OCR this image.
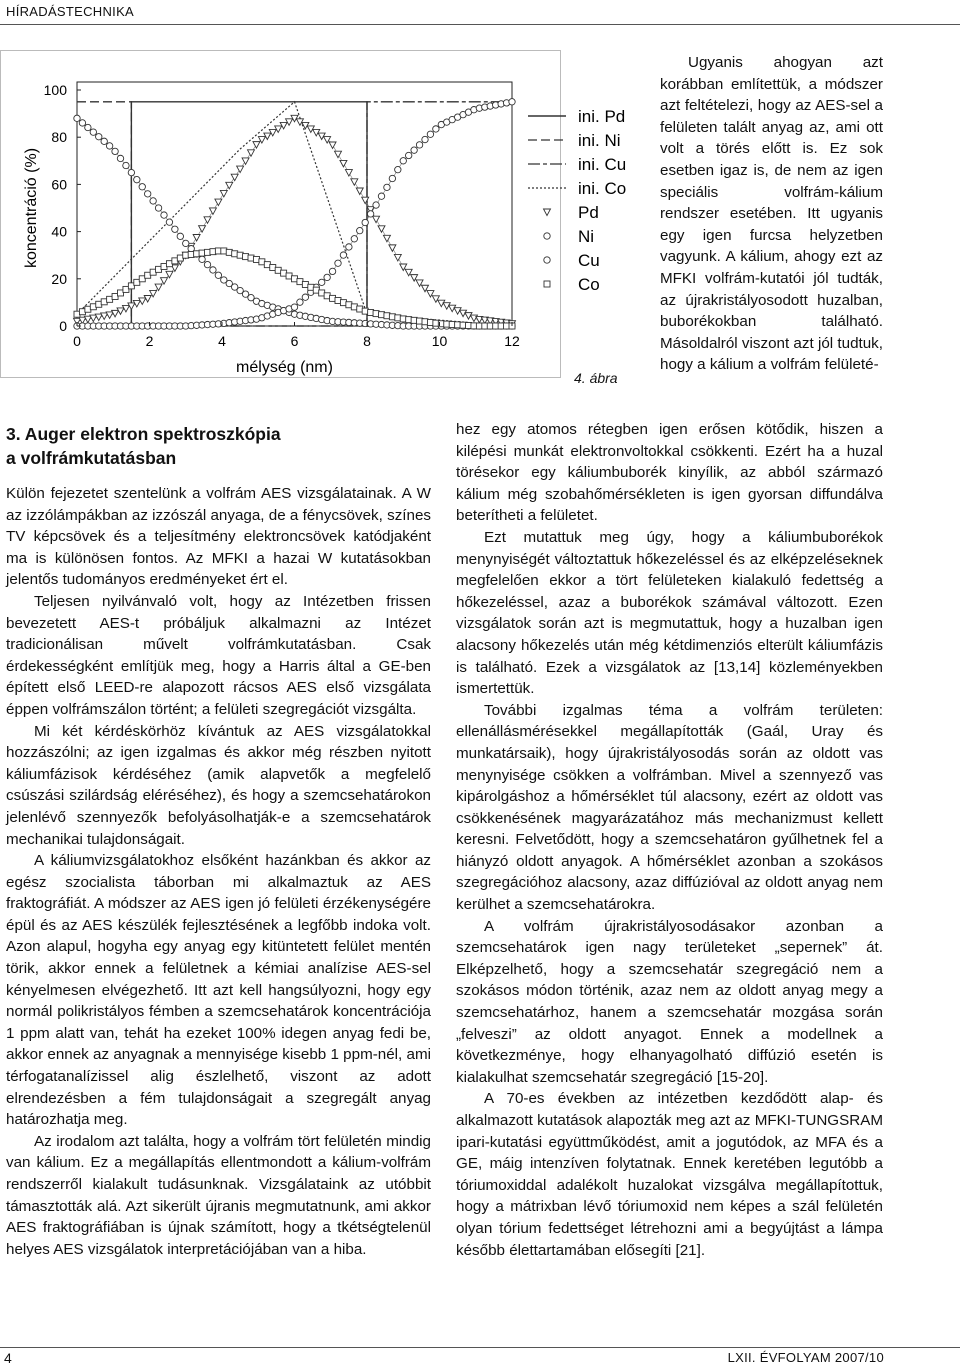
HÍRADÁSTECHNIKA
0	2	4	6	8	10	12
0
20
40
60
80
100
mélység (nm)
koncentráció (%)
ini. Pd
ini. Ni
ini. Cu
ini. Co
Pd
Ni
Cu
Co
4. ábra

Ugyanis ahogyan azt korábban említettük, a módszer azt feltételezi, hogy az AES-sel a felületen talált anyag az, ami ott volt a törés előtt is. Ez sok esetben igaz is, de nem az igen speciális volfrám-kálium rendszer esetében. Itt ugyanis egy igen furcsa helyzetben vagyunk. A kálium, ahogy ezt az MFKI volfrám-kutatói jól tudták, az újrakristályosodott huzalban, buborékokban található. Másoldalról viszont azt jól tudtuk, hogy a kálium a volfrám felületé-

3. Auger elektron spektroszkópia
a volfrámkutatásban

Külön fejezetet szentelünk a volfrám AES vizsgálatainak. A W az izzólámpákban az izzószál anyaga, de a fénycsövek, színes TV képcsövek és a teljesítmény elektroncsövek katódjaként ma is különösen fontos. Az MFKI a hazai W kutatásokban jelentős tudományos eredményeket ért el.

Teljesen nyilvánvaló volt, hogy az Intézetben frissen bevezetett AES-t próbáljuk alkalmazni az Intézet tradicionálisan művelt volfrámkutatásban. Csak érdekességként említjük meg, hogy a Harris által a GE-ben épített első LEED-re alapozott rácsos AES első vizsgálata éppen volfrámszálon történt; a felületi szegregációt vizsgálta.

Mi két kérdéskörhöz kívántuk az AES vizsgálatokkal hozzászólni; az igen izgalmas és akkor még részben nyitott káliumfázisok kérdéséhez (amik alapvetők a megfelelő csúszási szilárdság eléréséhez), és hogy a szemcsehatárokon jelenlévő szennyezők befolyásolhatják-e a szemcsehatárok mechanikai tulajdonságait.

A káliumvizsgálatokhoz elsőként hazánkban és akkor az egész szocialista táborban mi alkalmaztuk az AES fraktográfiát. A módszer az AES igen jó felületi érzékenységére épül és az AES készülék fejlesztésének a legfőbb indoka volt. Azon alapul, hogyha egy anyag egy kitüntetett felület mentén törik, akkor ennek a felületnek a kémiai analízise AES-sel kényelmesen elvégezhető. Itt azt kell hangsúlyozni, hogy egy normál polikristályos fémben a szemcsehatárok koncentrációja 1 ppm alatt van, tehát ha ezeket 100% idegen anyag fedi be, akkor ennek az anyagnak a mennyisége kisebb 1 ppm-nél, ami térfogatanalízissel alig észlelhető, viszont az adott elrendezésben a fém tulajdonságait a szegregált anyag határozhatja meg.

Az irodalom azt találta, hogy a volfrám tört felületén mindig van kálium. Ez a megállapítás ellentmondott a kálium-volfrám rendszerről kialakult tudásunknak. Vizsgálataink az utóbbit támasztották alá. Azt sikerült újranis megmutatnunk, ami akkor AES fraktográfiában is újnak számított, hogy a tkétségtelenül helyes AES vizsgálatok interpretációjában van a hiba.

hez egy atomos rétegben igen erősen kötődik, hiszen a kilépési munkát elektronvoltokkal csökkenti. Ezért ha a huzal törésekor egy káliumbuborék kinyílik, az abból származó kálium még szobahőmérsékleten is igen gyorsan diffundálva beterítheti a felületet.

Ezt mutattuk meg úgy, hogy a káliumbuborékok menynyiségét változtattuk hőkezeléssel és az elképzeléseknek megfelelően ekkor a tört felületeken kialakuló fedettség a hőkezeléssel, azaz a buborékok számával változott. Ezen vizsgálatok során azt is megmutattuk, hogy a huzalban igen alacsony hőkezelés után még kétdimenziós elterült káliumfázis is található. Ezek a vizsgálatok az [13,14] közleményekben ismertettük.

További izgalmas téma a volfrám területen: ellenállásmérésekkel megállapították (Gaál, Uray és munkatársaik), hogy újrakristályosodás során az oldott vas menynyisége csökken a volfrámban. Mivel a szennyező vas kipárolgáshoz a hőmérséklet túl alacsony, ezért az oldott vas csökkenésének magyarázatához más mechanizmust kellett keresni. Felvetődött, hogy a szemcsehatáron gyűlhetnek fel a hiányzó oldott anyagok. A hőmérséklet azonban a szokásos szegregációhoz alacsony, azaz diffúzióval az oldott anyag nem kerülhet a szemcsehatárokra.

A volfrám újrakristályosodásakor azonban a szemcsehatárok igen nagy területeket „sepernek” át. Elképzelhető, hogy a szemcsehatár szegregáció nem a szokásos módon történik, azaz nem az oldott anyag megy a szemcsehatárhoz, hanem a szemcsehatár mozgása során „felveszi” az oldott anyagot. Ennek a modellnek a következménye, hogy elhanyagolható diffúzió esetén is kialakulhat szemcsehatár szegregáció [15-20].

A 70-es években az intézetben kezdődött alap- és alkalmazott kutatások alapozták meg azt az MFKI-TUNGSRAM ipari-kutatási együttműködést, amit a jogutódok, az MFA és a GE, máig intenzíven folytatnak. Ennek keretében legutóbb a tóriumoxiddal adalékolt huzalokat vizsgálva megállapítottuk, hogy a mátrixban lévő tóriumoxid nem képes a szál felületén olyan tórium fedettséget létrehozni ami a begyújtást a lámpa később élettartamában elősegíti [21].

4	LXII. ÉVFOLYAM 2007/10
